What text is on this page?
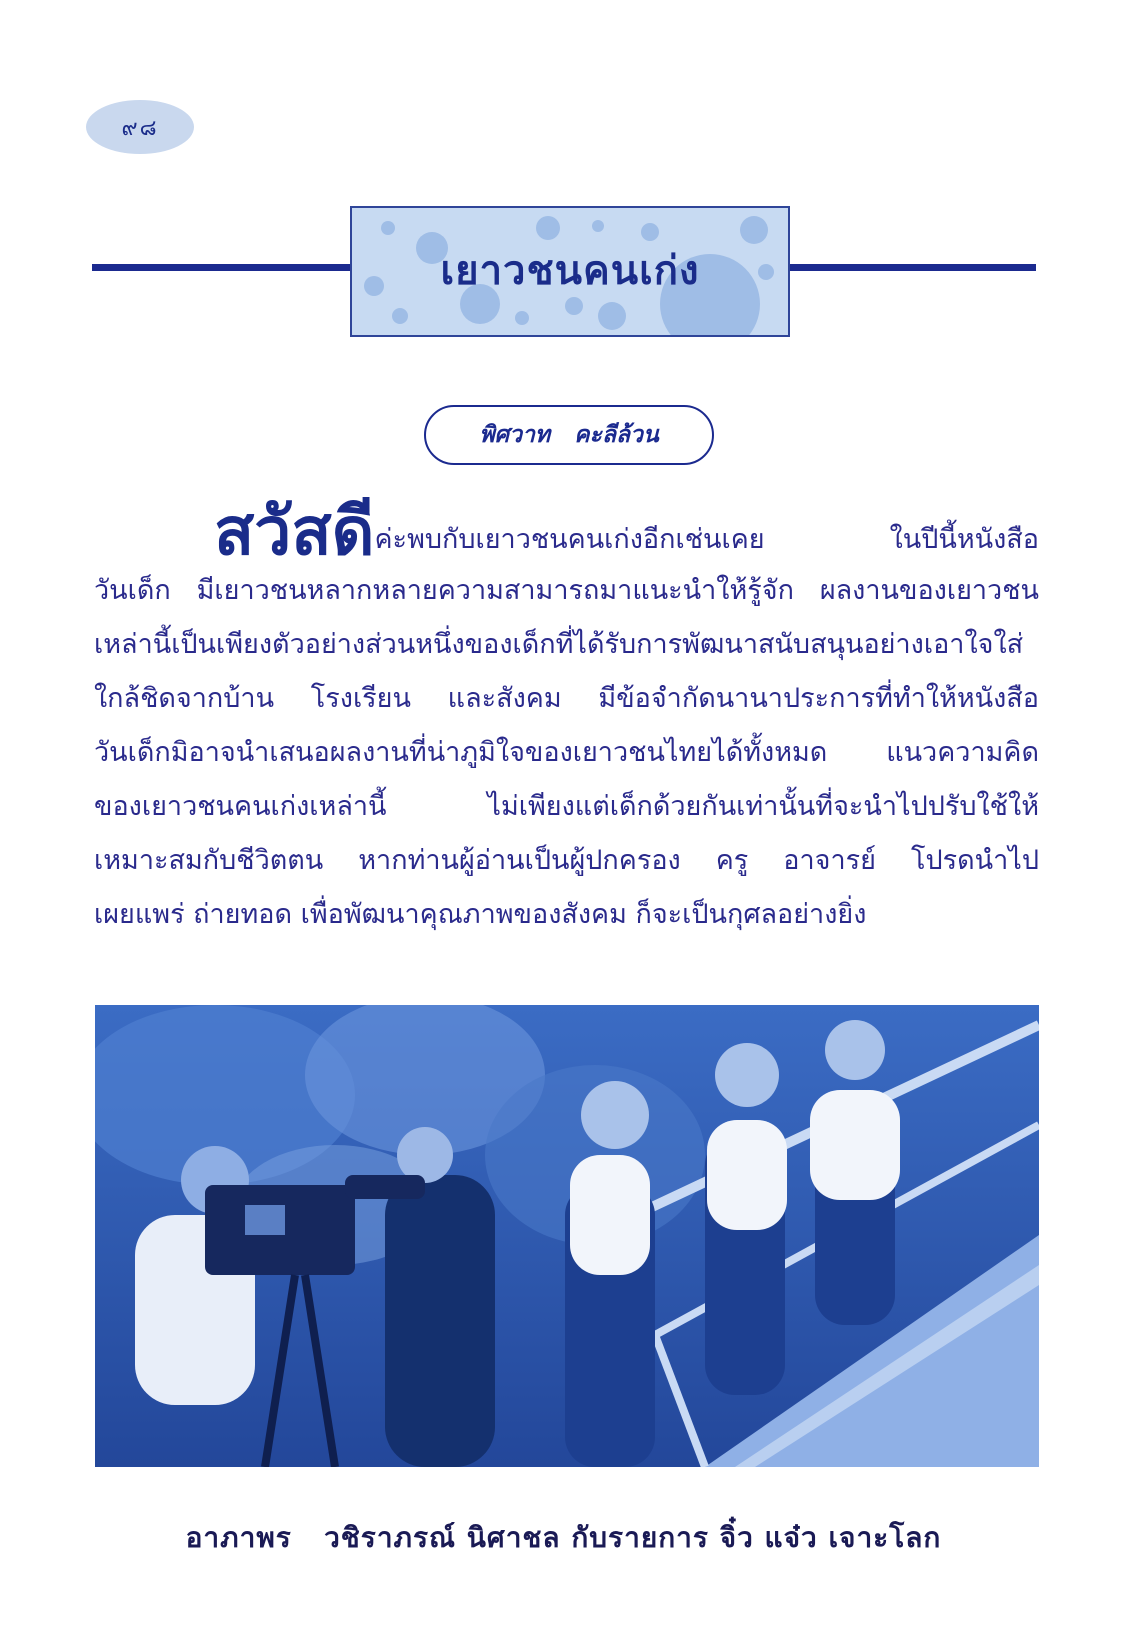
๙๘
เยาวชนคนเก่ง
พิศวาท   คะลีล้วน
สวัสดีค่ะพบกับเยาวชนคนเก่งอีกเช่นเคย ในปีนี้หนังสือ
วันเด็ก มีเยาวชนหลากหลายความสามารถมาแนะนำให้รู้จัก ผลงานของเยาวชน
เหล่านี้เป็นเพียงตัวอย่างส่วนหนึ่งของเด็กที่ได้รับการพัฒนาสนับสนุนอย่างเอาใจใส่
ใกล้ชิดจากบ้าน โรงเรียน และสังคม มีข้อจำกัดนานาประการที่ทำให้หนังสือ
วันเด็กมิอาจนำเสนอผลงานที่น่าภูมิใจของเยาวชนไทยได้ทั้งหมด แนวความคิด
ของเยาวชนคนเก่งเหล่านี้ ไม่เพียงแต่เด็กด้วยกันเท่านั้นที่จะนำไปปรับใช้ให้
เหมาะสมกับชีวิตตน หากท่านผู้อ่านเป็นผู้ปกครอง ครู อาจารย์ โปรดนำไป
เผยแพร่ ถ่ายทอด เพื่อพัฒนาคุณภาพของสังคม ก็จะเป็นกุศลอย่างยิ่ง
อาภาพร   วชิราภรณ์ นิศาชล กับรายการ จิ๋ว แจ๋ว เจาะโลก
